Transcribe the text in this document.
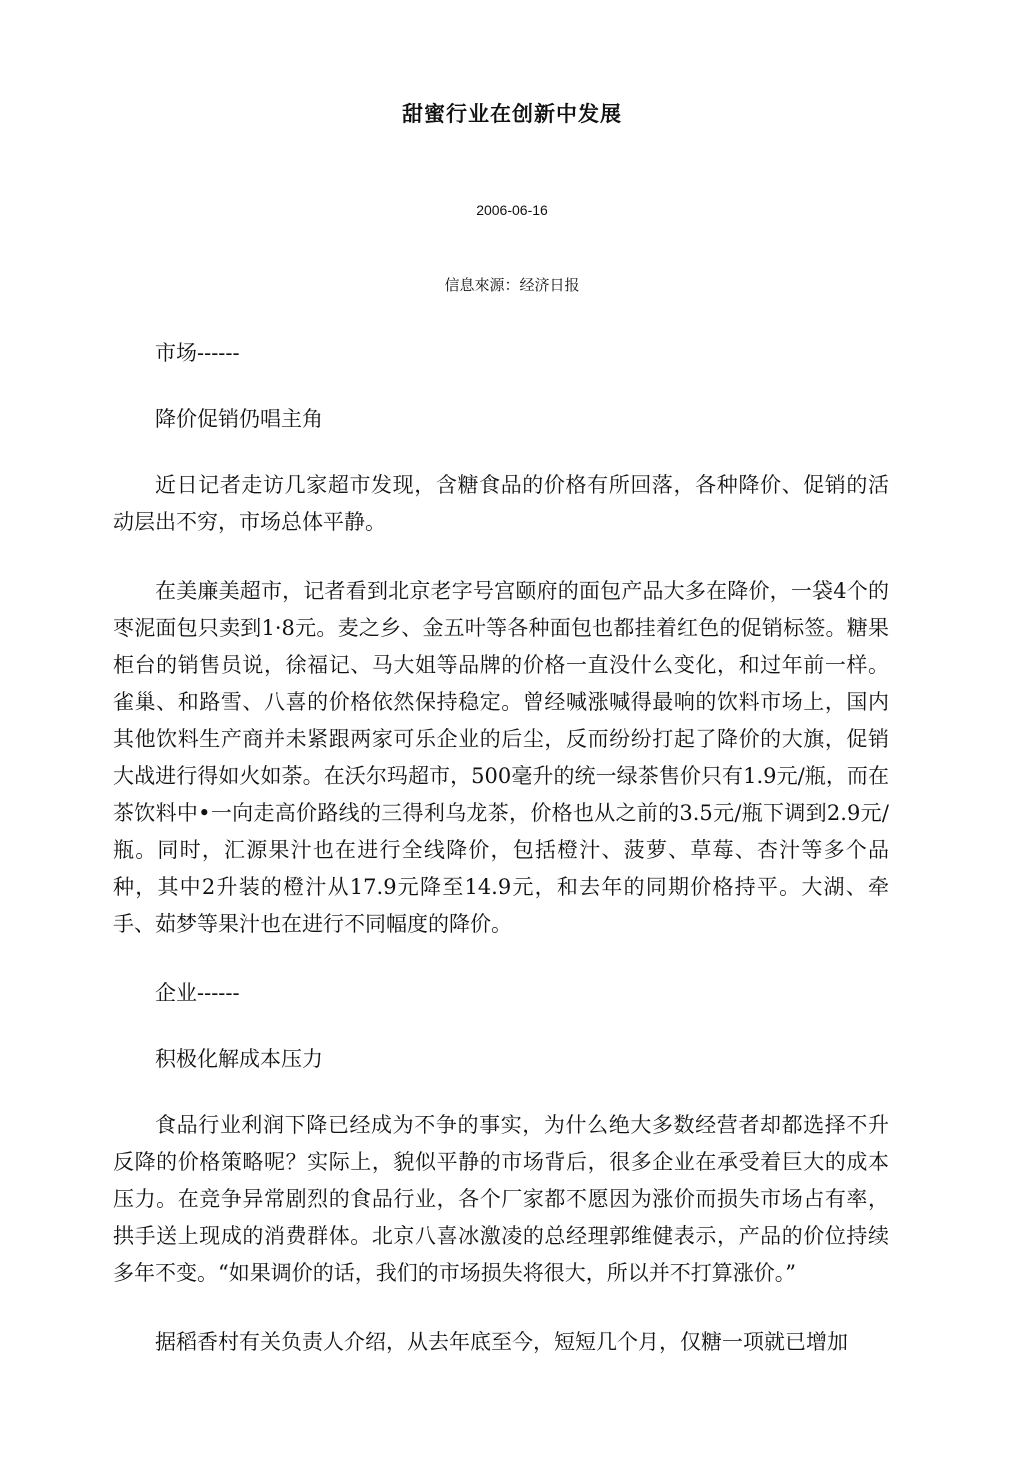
甜蜜行业在创新中发展
2006-06-16
信息來源：经济日报

市场------

降价促销仍唱主角

近日记者走访几家超市发现，含糖食品的价格有所回落，各种降价、促销的活动层出不穷，市场总体平静。

在美廉美超市，记者看到北京老字号宫颐府的面包产品大多在降价，一袋4个的枣泥面包只卖到1·8元。麦之乡、金五叶等各种面包也都挂着红色的促销标签。糖果柜台的销售员说，徐福记、马大姐等品牌的价格一直没什么变化，和过年前一样。雀巢、和路雪、八喜的价格依然保持稳定。曾经喊涨喊得最响的饮料市场上，国内其他饮料生产商并未紧跟两家可乐企业的后尘，反而纷纷打起了降价的大旗，促销大战进行得如火如荼。在沃尔玛超市，500毫升的统一绿茶售价只有1.9元/瓶，而在茶饮料中•一向走高价路线的三得利乌龙茶，价格也从之前的3.5元/瓶下调到2.9元/瓶。同时，汇源果汁也在进行全线降价，包括橙汁、菠萝、草莓、杏汁等多个品种，其中2升装的橙汁从17.9元降至14.9元，和去年的同期价格持平。大湖、牵手、茹梦等果汁也在进行不同幅度的降价。

企业------

积极化解成本压力

食品行业利润下降已经成为不争的事实，为什么绝大多数经营者却都选择不升反降的价格策略呢？实际上，貌似平静的市场背后，很多企业在承受着巨大的成本压力。在竞争异常剧烈的食品行业，各个厂家都不愿因为涨价而损失市场占有率，拱手送上现成的消费群体。北京八喜冰激凌的总经理郭维健表示，产品的价位持续多年不变。“如果调价的话，我们的市场损失将很大，所以并不打算涨价。”

据稻香村有关负责人介绍，从去年底至今，短短几个月，仅糖一项就已增加
